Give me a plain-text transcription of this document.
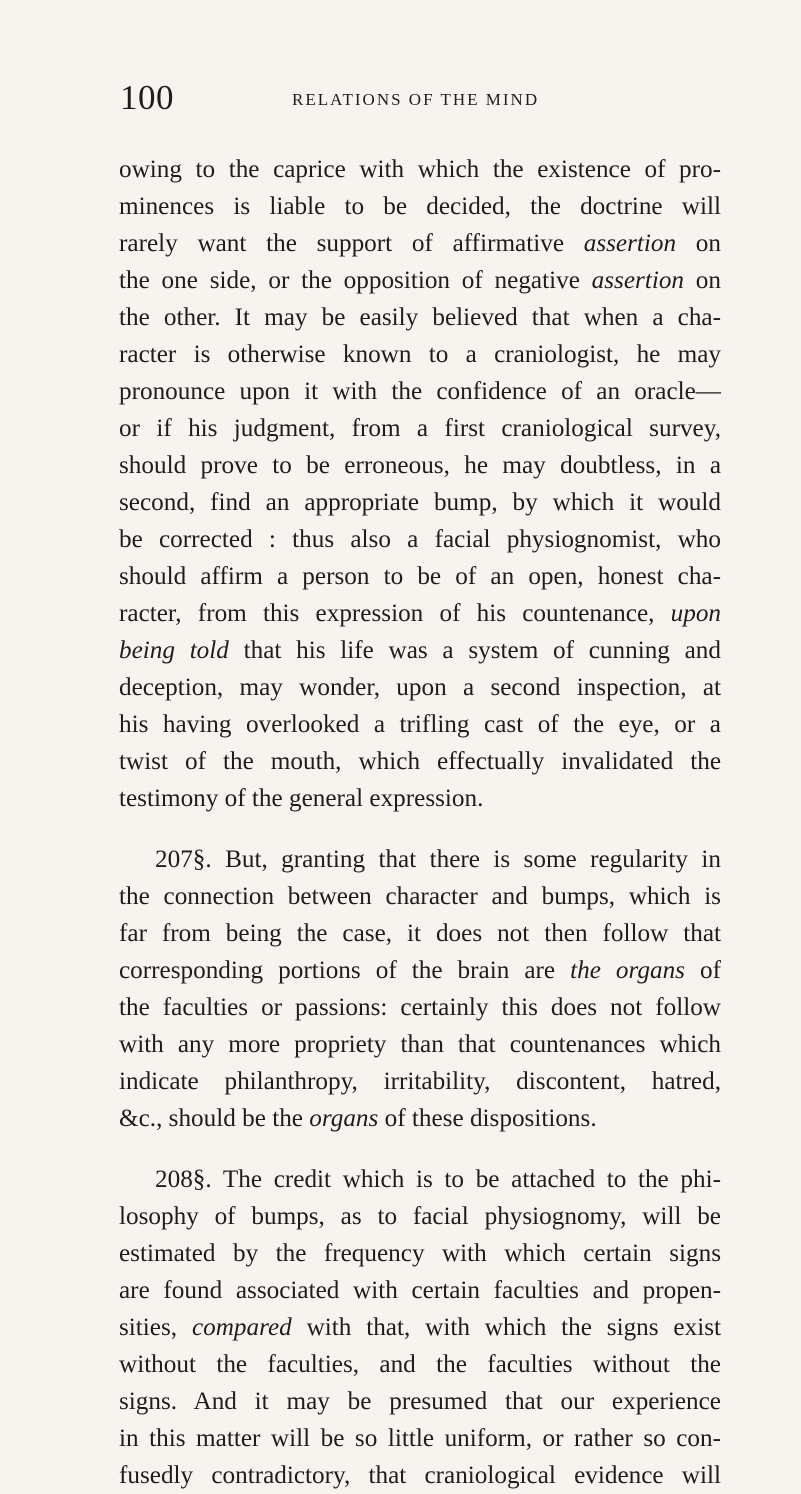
100	RELATIONS OF THE MIND
owing to the caprice with which the existence of pro-
minences is liable to be decided, the doctrine will
rarely want the support of affirmative assertion on
the one side, or the opposition of negative assertion on
the other. It may be easily believed that when a cha-
racter is otherwise known to a craniologist, he may
pronounce upon it with the confidence of an oracle—
or if his judgment, from a first craniological survey,
should prove to be erroneous, he may doubtless, in a
second, find an appropriate bump, by which it would
be corrected : thus also a facial physiognomist, who
should affirm a person to be of an open, honest cha-
racter, from this expression of his countenance, upon
being told that his life was a system of cunning and
deception, may wonder, upon a second inspection, at
his having overlooked a trifling cast of the eye, or a
twist of the mouth, which effectually invalidated the
testimony of the general expression.
207§. But, granting that there is some regularity in
the connection between character and bumps, which is
far from being the case, it does not then follow that
corresponding portions of the brain are the organs of
the faculties or passions: certainly this does not follow
with any more propriety than that countenances which
indicate philanthropy, irritability, discontent, hatred,
&c., should be the organs of these dispositions.
208§. The credit which is to be attached to the phi-
losophy of bumps, as to facial physiognomy, will be
estimated by the frequency with which certain signs
are found associated with certain faculties and propen-
sities, compared with that, with which the signs exist
without the faculties, and the faculties without the
signs. And it may be presumed that our experience
in this matter will be so little uniform, or rather so con-
fusedly contradictory, that craniological evidence will
